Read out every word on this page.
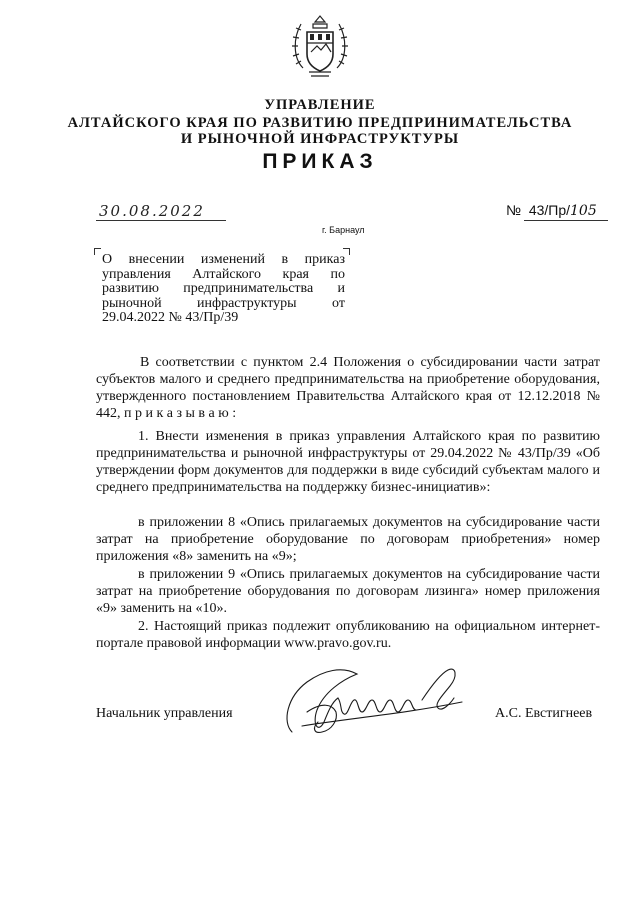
УПРАВЛЕНИЕ
АЛТАЙСКОГО КРАЯ ПО РАЗВИТИЮ ПРЕДПРИНИМАТЕЛЬСТВА
И РЫНОЧНОЙ ИНФРАСТРУКТУРЫ
ПРИКАЗ
30.08.2022	№ 43/Пр/105
г. Барнаул
О внесении изменений в приказ
управления Алтайского края по
развитию предпринимательства и
рыночной инфраструктуры от
29.04.2022 № 43/Пр/39
В соответствии с пунктом 2.4 Положения о субсидировании части затрат субъектов малого и среднего предпринимательства на приобретение оборудования, утвержденного постановлением Правительства Алтайского края от 12.12.2018 № 442, п р и к а з ы в а ю :
1. Внести изменения в приказ управления Алтайского края по развитию предпринимательства и рыночной инфраструктуры от 29.04.2022 № 43/Пр/39 «Об утверждении форм документов для поддержки в виде субсидий субъектам малого и среднего предпринимательства на поддержку бизнес-инициатив»:
в приложении 8 «Опись прилагаемых документов на субсидирование части затрат на приобретение оборудование по договорам приобретения» номер приложения «8» заменить на «9»;
в приложении 9 «Опись прилагаемых документов на субсидирование части затрат на приобретение оборудования по договорам лизинга» номер приложения «9» заменить на «10».
2. Настоящий приказ подлежит опубликованию на официальном интернет-портале правовой информации www.pravo.gov.ru.
Начальник управления	А.С. Евстигнеев
